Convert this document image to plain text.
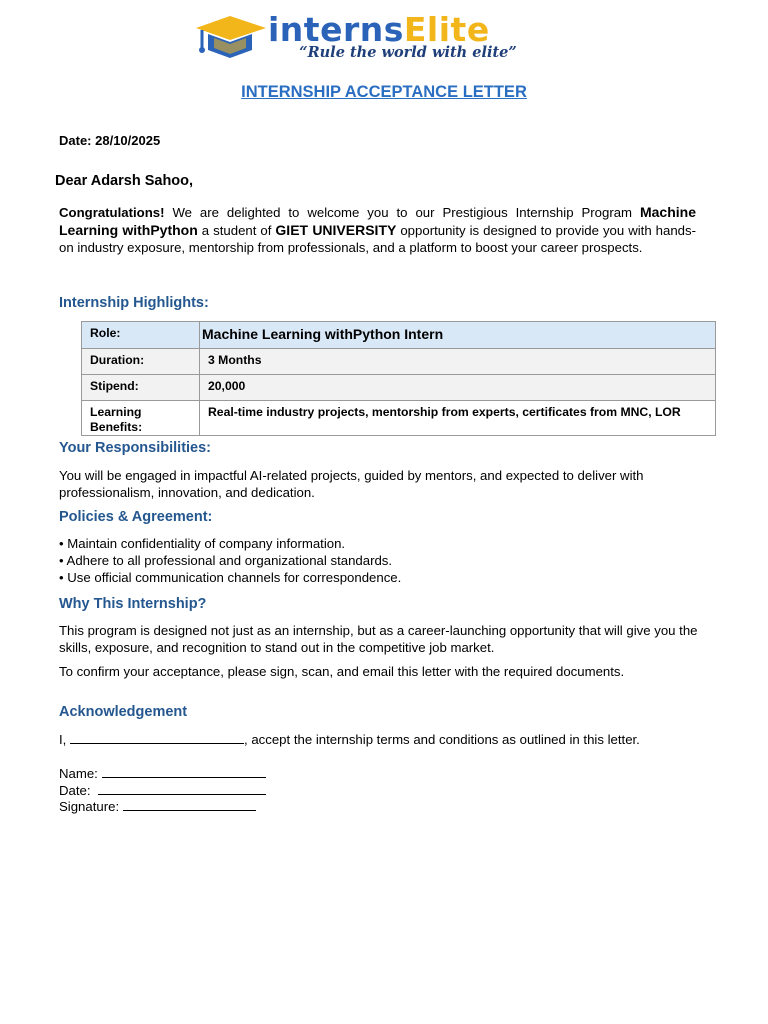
internsElite
“Rule the world with elite”
INTERNSHIP ACCEPTANCE LETTER
Date: 28/10/2025
Dear Adarsh Sahoo,

Congratulations! We are delighted to welcome you to our Prestigious Internship Program Machine Learning withPython a student of GIET UNIVERSITY opportunity is designed to provide you with hands-on industry exposure, mentorship from professionals, and a platform to boost your career prospects.

Internship Highlights:
Role:	Machine Learning withPython Intern
Duration:	3 Months
Stipend:	20,000
Learning Benefits:	Real-time industry projects, mentorship from experts, certificates from MNC, LOR
Your Responsibilities:

You will be engaged in impactful AI-related projects, guided by mentors, and expected to deliver with professionalism, innovation, and dedication.

Policies & Agreement:
• Maintain confidentiality of company information.
• Adhere to all professional and organizational standards.
• Use official communication channels for correspondence.
Why This Internship?

This program is designed not just as an internship, but as a career-launching opportunity that will give you the skills, exposure, and recognition to stand out in the competitive job market.

To confirm your acceptance, please sign, scan, and email this letter with the required documents.

Acknowledgement
I,	, accept the internship terms and conditions as outlined in this letter.
Name:
Date:
Signature:
